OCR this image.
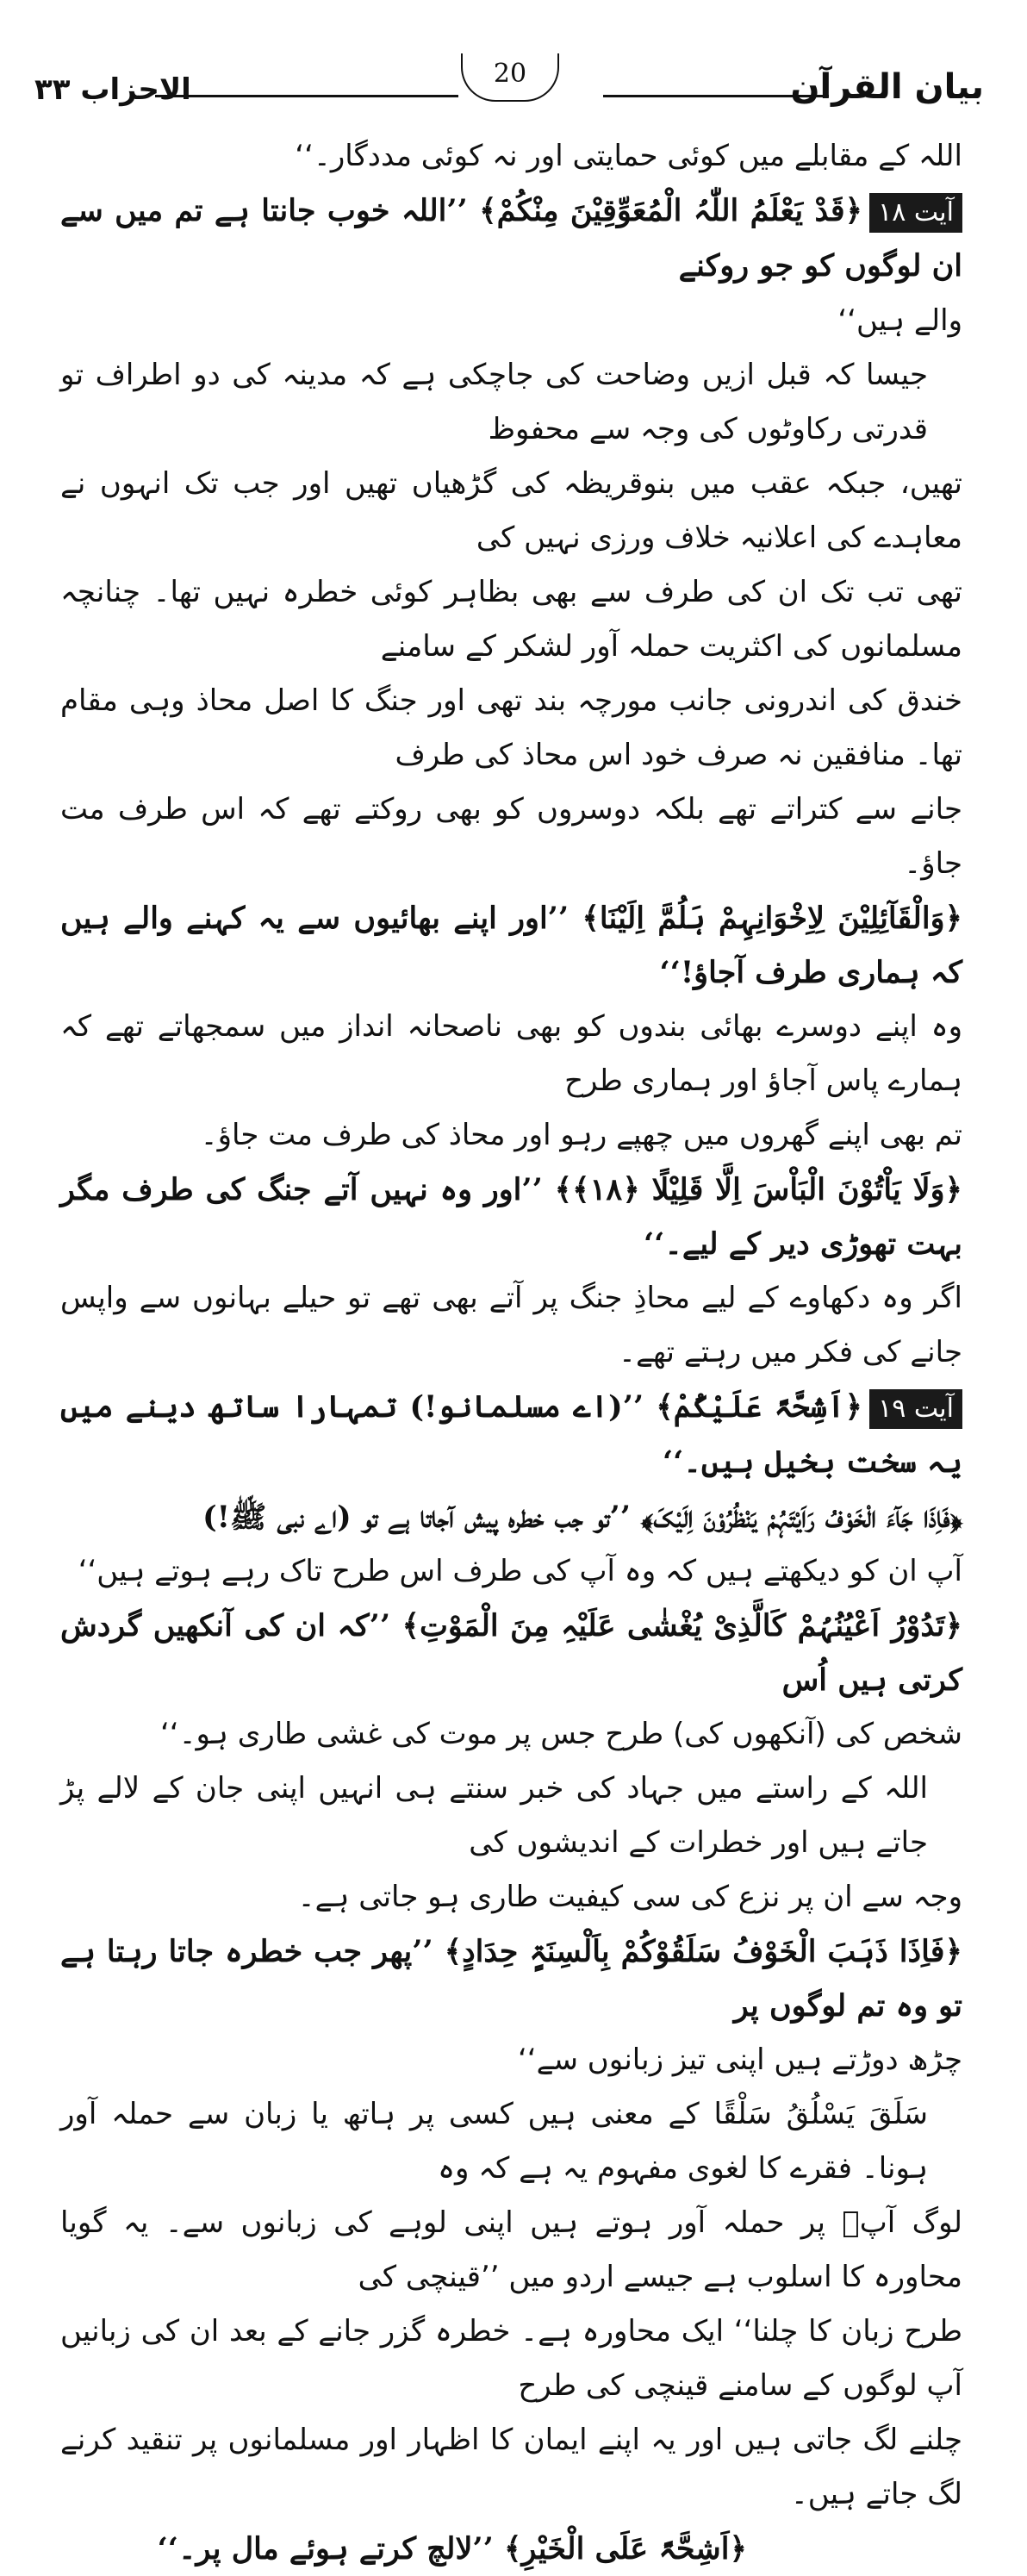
بیان القرآن
الاحزاب ۳۳	20

اللہ کے مقابلے میں کوئی حمایتی اور نہ کوئی مددگار۔‘‘

آیت ۱۸﴿قَدْ یَعْلَمُ اللّٰہُ الْمُعَوِّقِیْنَ مِنْکُمْ﴾ ’’اللہ خوب جانتا ہے تم میں سے ان لوگوں کو جو روکنے

والے ہیں‘‘

جیسا کہ قبل ازیں وضاحت کی جاچکی ہے کہ مدینہ کی دو اطراف تو قدرتی رکاوٹوں کی وجہ سے محفوظ

تھیں، جبکہ عقب میں بنوقریظہ کی گڑھیاں تھیں اور جب تک انہوں نے معاہدے کی اعلانیہ خلاف ورزی نہیں کی

تھی تب تک ان کی طرف سے بھی بظاہر کوئی خطرہ نہیں تھا۔ چنانچہ مسلمانوں کی اکثریت حملہ آور لشکر کے سامنے

خندق کی اندرونی جانب مورچہ بند تھی اور جنگ کا اصل محاذ وہی مقام تھا۔ منافقین نہ صرف خود اس محاذ کی طرف

جانے سے کتراتے تھے بلکہ دوسروں کو بھی روکتے تھے کہ اس طرف مت جاؤ۔

﴿وَالْقَآئِلِیْنَ لِاِخْوَانِہِمْ ہَلُمَّ اِلَیْنَا﴾ ’’اور اپنے بھائیوں سے یہ کہنے والے ہیں کہ ہماری طرف آجاؤ!‘‘

وہ اپنے دوسرے بھائی بندوں کو بھی ناصحانہ انداز میں سمجھاتے تھے کہ ہمارے پاس آجاؤ اور ہماری طرح

تم بھی اپنے گھروں میں چھپے رہو اور محاذ کی طرف مت جاؤ۔

﴿وَلَا یَاْتُوْنَ الْبَاْسَ اِلَّا قَلِیْلًا ﴿۱۸﴾﴾ ’’اور وہ نہیں آتے جنگ کی طرف مگر بہت تھوڑی دیر کے لیے۔‘‘

اگر وہ دکھاوے کے لیے محاذِ جنگ پر آتے بھی تھے تو حیلے بہانوں سے واپس جانے کی فکر میں رہتے تھے۔

آیت ۱۹﴿اَشِحَّۃً عَلَیْکُمْ﴾ ’’(اے مسلمانو!) تمہارا ساتھ دینے میں یہ سخت بخیل ہیں۔‘‘

﴿فَاِذَا جَآءَ الْخَوْفُ رَاَیْتَہُمْ یَنْظُرُوْنَ اِلَیْکَ﴾ ’’تو جب خطرہ پیش آجاتا ہے تو (اے نبی ﷺ!)

آپ ان کو دیکھتے ہیں کہ وہ آپ کی طرف اس طرح تاک رہے ہوتے ہیں‘‘

﴿تَدُوْرُ اَعْیُنُہُمْ کَالَّذِیْ یُغْشٰی عَلَیْہِ مِنَ الْمَوْتِ﴾ ’’کہ ان کی آنکھیں گردش کرتی ہیں اُس

شخص کی (آنکھوں کی) طرح جس پر موت کی غشی طاری ہو۔‘‘

اللہ کے راستے میں جہاد کی خبر سنتے ہی انہیں اپنی جان کے لالے پڑ جاتے ہیں اور خطرات کے اندیشوں کی

وجہ سے ان پر نزع کی سی کیفیت طاری ہو جاتی ہے۔

﴿فَاِذَا ذَہَبَ الْخَوْفُ سَلَقُوْکُمْ بِاَلْسِنَۃٍ حِدَادٍ﴾ ’’پھر جب خطرہ جاتا رہتا ہے تو وہ تم لوگوں پر

چڑھ دوڑتے ہیں اپنی تیز زبانوں سے‘‘

سَلَقَ یَسْلُقُ سَلْقًا کے معنی ہیں کسی پر ہاتھ یا زبان سے حملہ آور ہونا۔ فقرے کا لغوی مفہوم یہ ہے کہ وہ

لوگ آپؐ پر حملہ آور ہوتے ہیں اپنی لوہے کی زبانوں سے۔ یہ گویا محاورہ کا اسلوب ہے جیسے اردو میں ’’قینچی کی

طرح زبان کا چلنا‘‘ ایک محاورہ ہے۔ خطرہ گزر جانے کے بعد ان کی زبانیں آپ لوگوں کے سامنے قینچی کی طرح

چلنے لگ جاتی ہیں اور یہ اپنے ایمان کا اظہار اور مسلمانوں پر تنقید کرنے لگ جاتے ہیں۔

﴿اَشِحَّۃً عَلَی الْخَیْرِ﴾ ’’لالچ کرتے ہوئے مال پر۔‘‘
